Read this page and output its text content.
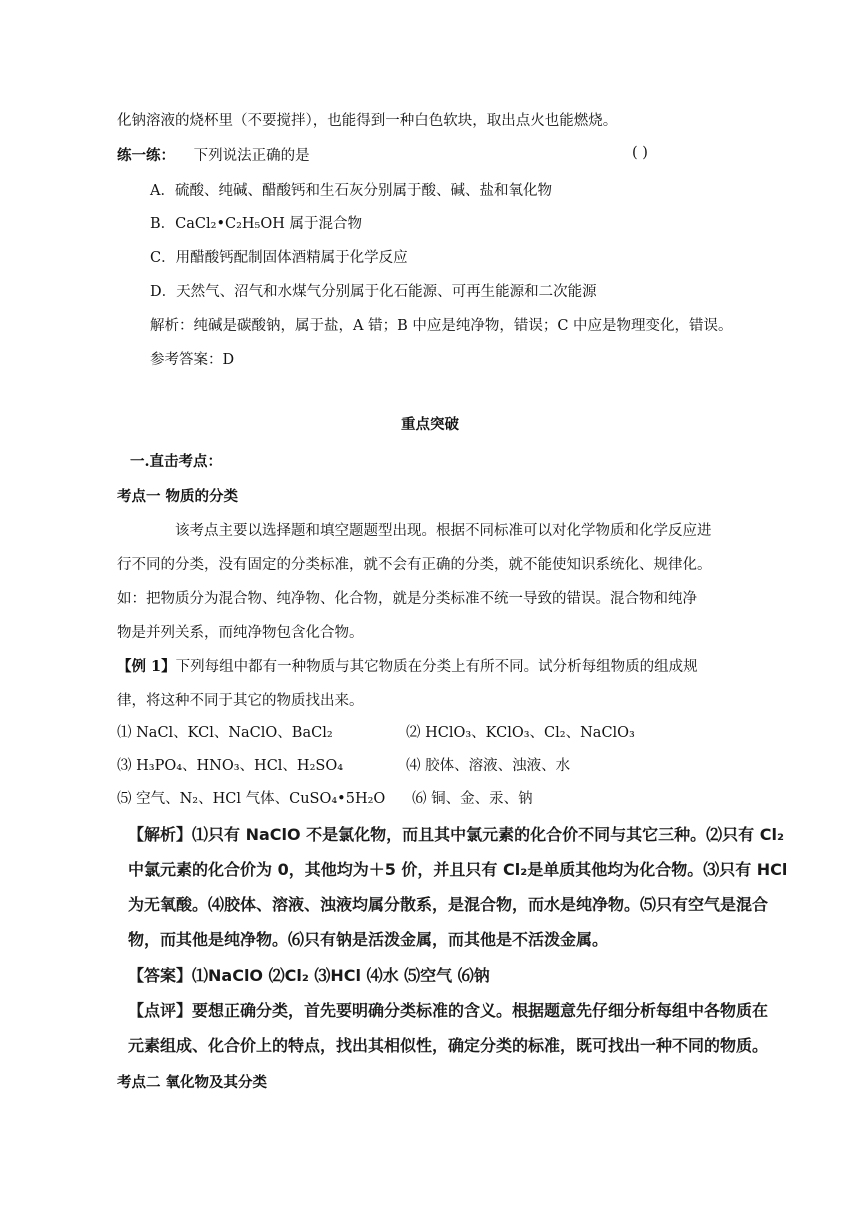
化钠溶液的烧杯里（不要搅拌），也能得到一种白色软块，取出点火也能燃烧。
练一练： 下列说法正确的是	( )
A．硫酸、纯碱、醋酸钙和生石灰分别属于酸、碱、盐和氧化物
B．CaCl₂•C₂H₅OH 属于混合物
C．用醋酸钙配制固体酒精属于化学反应
D．天然气、沼气和水煤气分别属于化石能源、可再生能源和二次能源
解析：纯碱是碳酸钠，属于盐，A 错；B 中应是纯净物，错误；C 中应是物理变化，错误。
参考答案：D
重点突破
一.直击考点：
考点一 物质的分类
该考点主要以选择题和填空题题型出现。根据不同标准可以对化学物质和化学反应进
行不同的分类，没有固定的分类标准，就不会有正确的分类，就不能使知识系统化、规律化。
如：把物质分为混合物、纯净物、化合物，就是分类标准不统一导致的错误。混合物和纯净
物是并列关系，而纯净物包含化合物。
【例 1】下列每组中都有一种物质与其它物质在分类上有所不同。试分析每组物质的组成规
律，将这种不同于其它的物质找出来。
⑴ NaCl、KCl、NaClO、BaCl₂	⑵ HClO₃、KClO₃、Cl₂、NaClO₃
⑶ H₃PO₄、HNO₃、HCl、H₂SO₄	⑷ 胶体、溶液、浊液、水
⑸ 空气、N₂、HCl 气体、CuSO₄•5H₂O ⑹ 铜、金、汞、钠
【解析】⑴只有 NaClO 不是氯化物，而且其中氯元素的化合价不同与其它三种。⑵只有 Cl₂
中氯元素的化合价为 0，其他均为＋5 价，并且只有 Cl₂是单质其他均为化合物。⑶只有 HCl
为无氧酸。⑷胶体、溶液、浊液均属分散系，是混合物，而水是纯净物。⑸只有空气是混合
物，而其他是纯净物。⑹只有钠是活泼金属，而其他是不活泼金属。
【答案】⑴NaClO ⑵Cl₂ ⑶HCl ⑷水 ⑸空气 ⑹钠
【点评】要想正确分类，首先要明确分类标准的含义。根据题意先仔细分析每组中各物质在
元素组成、化合价上的特点，找出其相似性，确定分类的标准，既可找出一种不同的物质。
考点二 氧化物及其分类
